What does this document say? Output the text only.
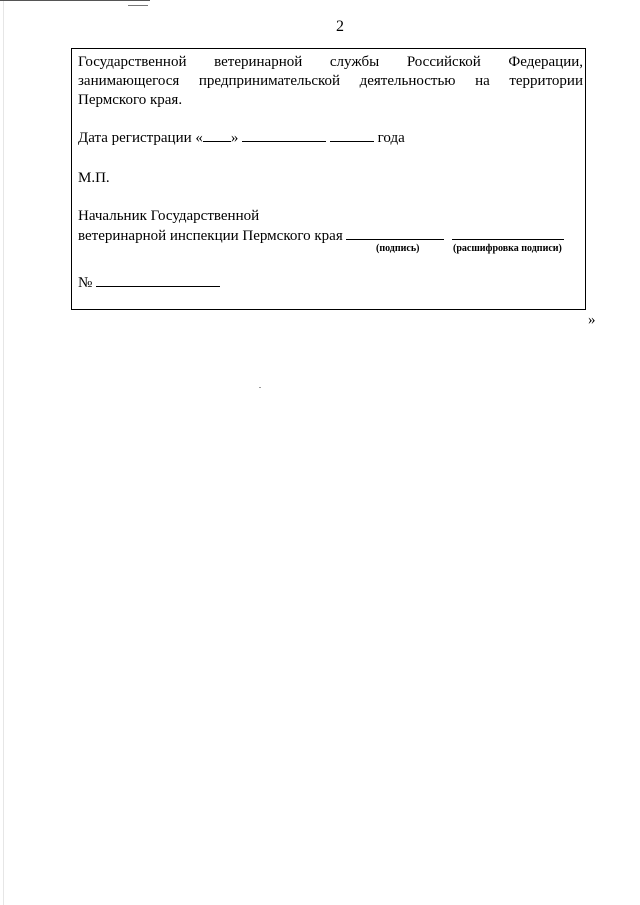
2
Государственной ветеринарной службы Российской Федерации,
занимающегося предпринимательской деятельностью на территории
Пермского края.
Дата регистрации « »	года
М.П.
Начальник Государственной
ветеринарной инспекции Пермского края
(подпись)	(расшифровка подписи)
№
»
